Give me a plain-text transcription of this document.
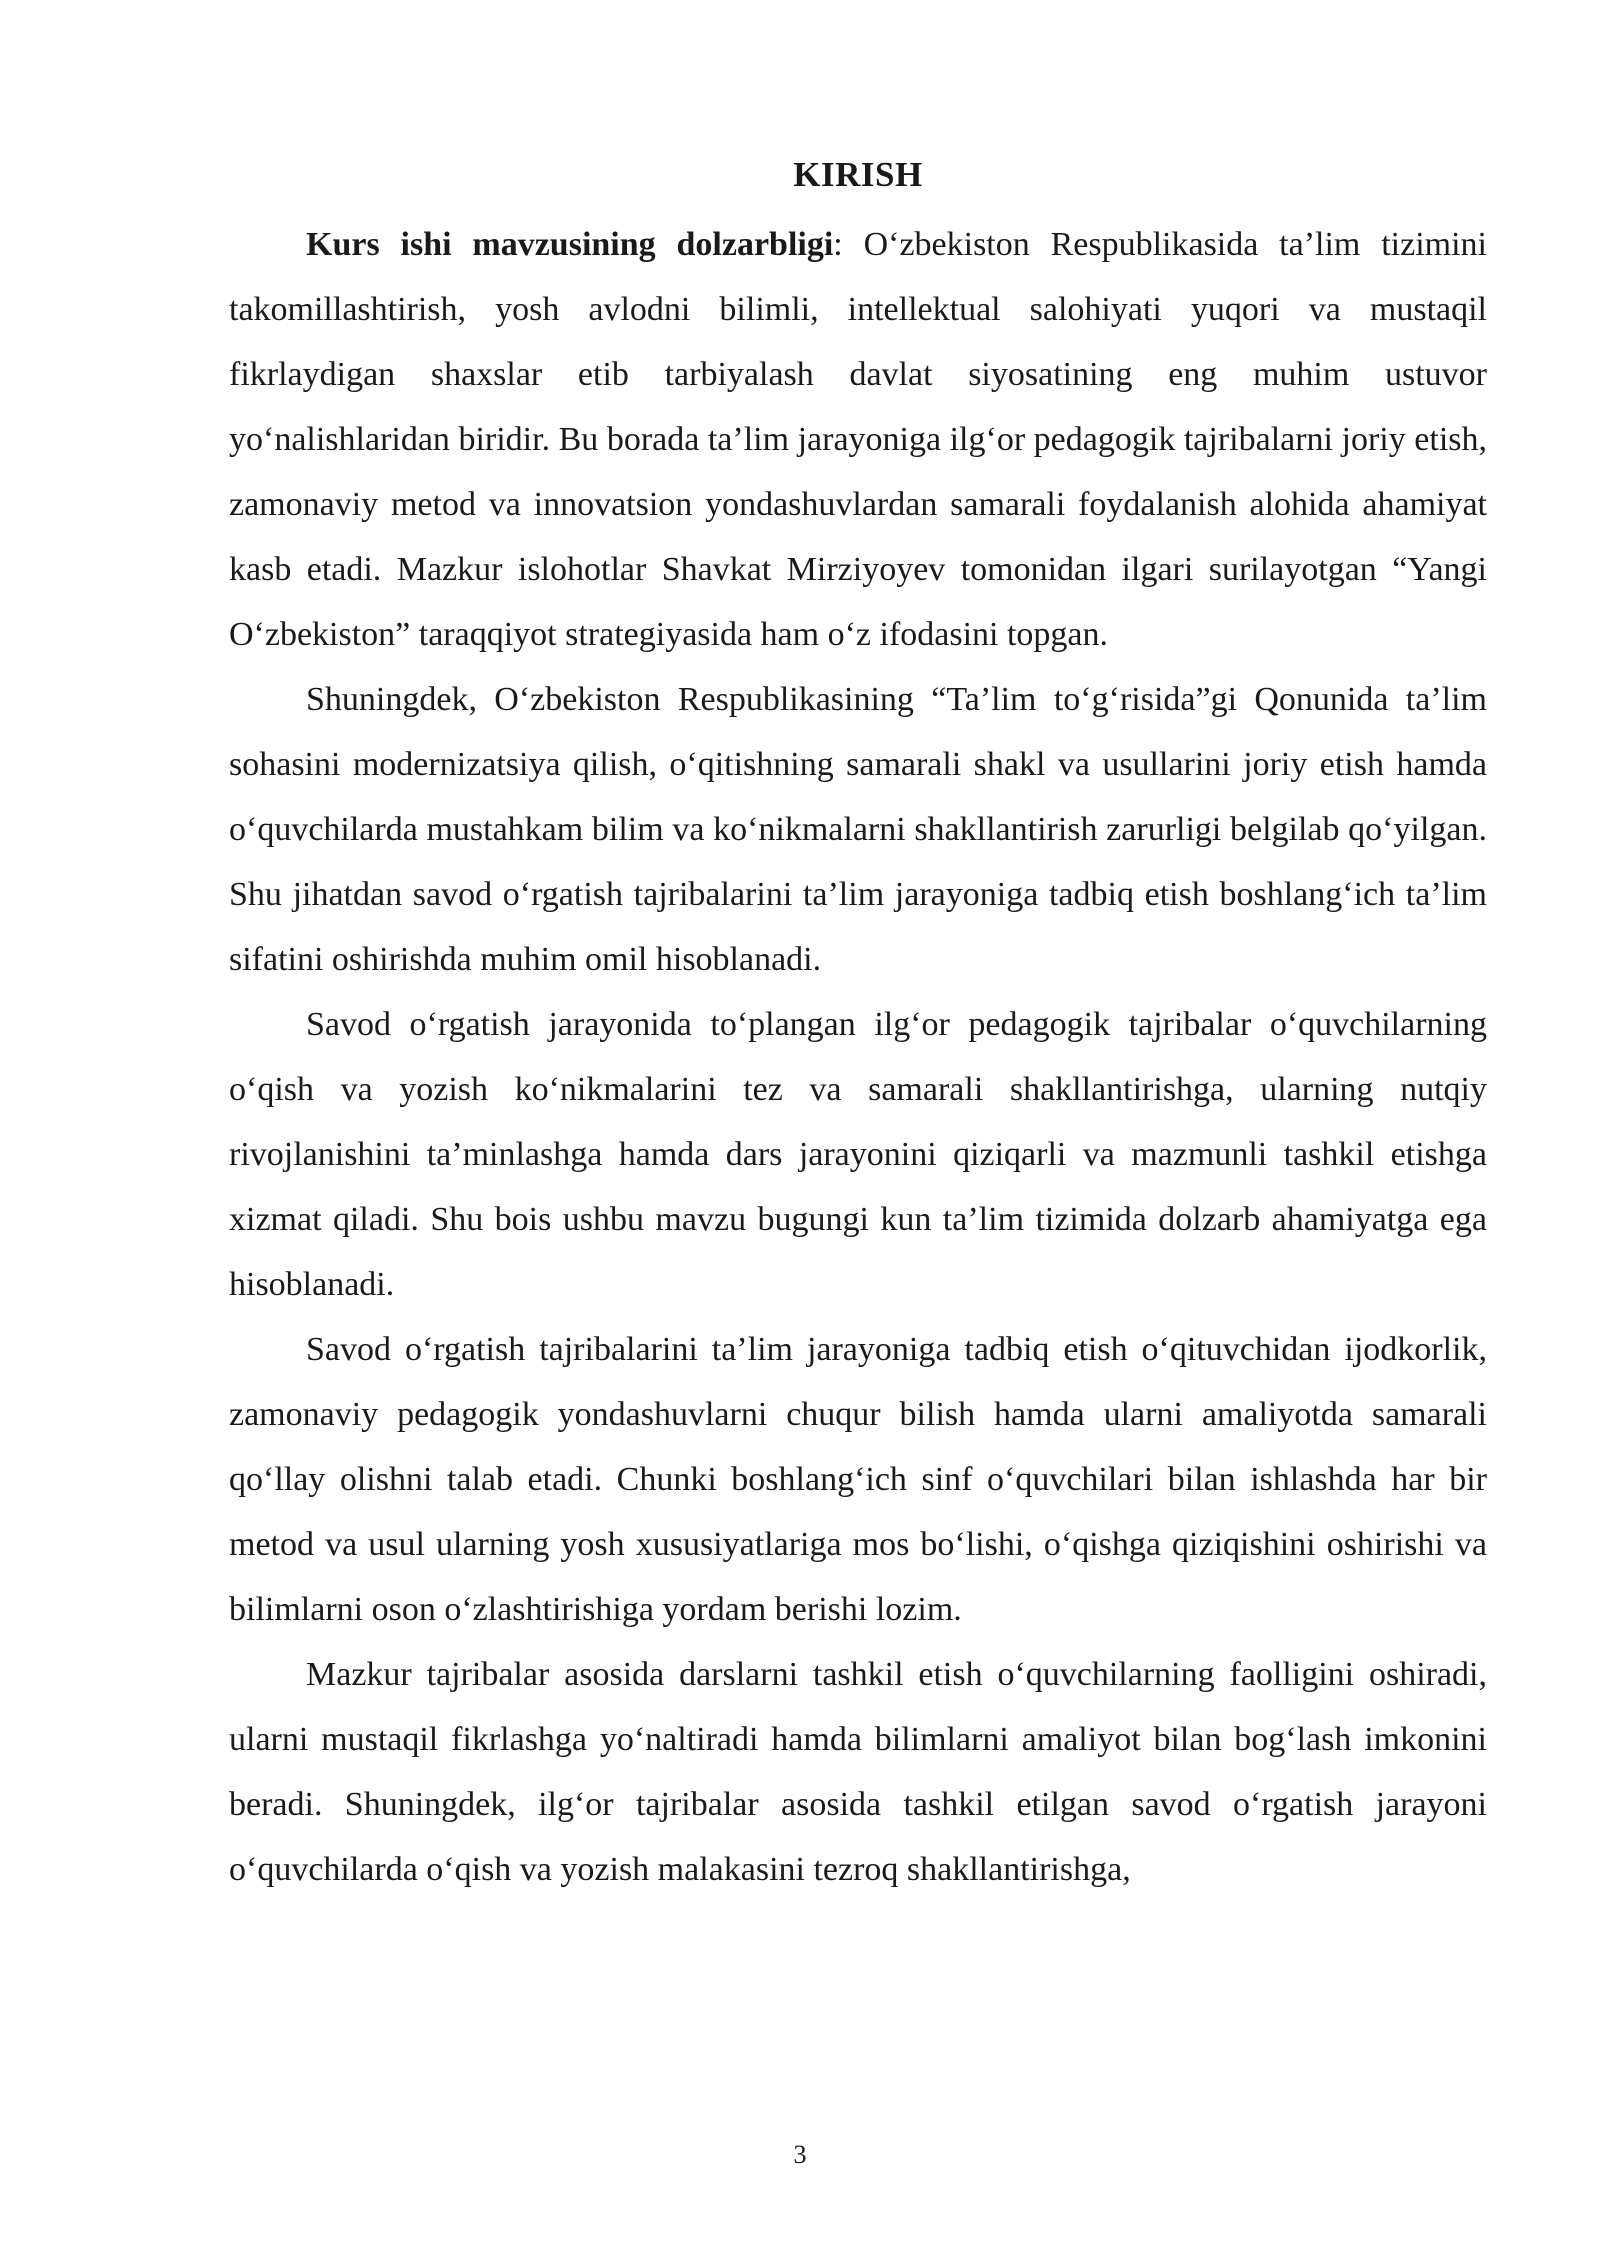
KIRISH

Kurs ishi mavzusining dolzarbligi: O‘zbekiston Respublikasida ta’lim tizimini takomillashtirish, yosh avlodni bilimli, intellektual salohiyati yuqori va mustaqil fikrlaydigan shaxslar etib tarbiyalash davlat siyosatining eng muhim ustuvor yo‘nalishlaridan biridir. Bu borada ta’lim jarayoniga ilg‘or pedagogik tajribalarni joriy etish, zamonaviy metod va innovatsion yondashuvlardan samarali foydalanish alohida ahamiyat kasb etadi. Mazkur islohotlar Shavkat Mirziyoyev tomonidan ilgari surilayotgan “Yangi O‘zbekiston” taraqqiyot strategiyasida ham o‘z ifodasini topgan.

Shuningdek, O‘zbekiston Respublikasining “Ta’lim to‘g‘risida”gi Qonunida ta’lim sohasini modernizatsiya qilish, o‘qitishning samarali shakl va usullarini joriy etish hamda o‘quvchilarda mustahkam bilim va ko‘nikmalarni shakllantirish zarurligi belgilab qo‘yilgan. Shu jihatdan savod o‘rgatish tajribalarini ta’lim jarayoniga tadbiq etish boshlang‘ich ta’lim sifatini oshirishda muhim omil hisoblanadi.

Savod o‘rgatish jarayonida to‘plangan ilg‘or pedagogik tajribalar o‘quvchilarning o‘qish va yozish ko‘nikmalarini tez va samarali shakllantirishga, ularning nutqiy rivojlanishini ta’minlashga hamda dars jarayonini qiziqarli va mazmunli tashkil etishga xizmat qiladi. Shu bois ushbu mavzu bugungi kun ta’lim tizimida dolzarb ahamiyatga ega hisoblanadi.

Savod o‘rgatish tajribalarini ta’lim jarayoniga tadbiq etish o‘qituvchidan ijodkorlik, zamonaviy pedagogik yondashuvlarni chuqur bilish hamda ularni amaliyotda samarali qo‘llay olishni talab etadi. Chunki boshlang‘ich sinf o‘quvchilari bilan ishlashda har bir metod va usul ularning yosh xususiyatlariga mos bo‘lishi, o‘qishga qiziqishini oshirishi va bilimlarni oson o‘zlashtirishiga yordam berishi lozim.

Mazkur tajribalar asosida darslarni tashkil etish o‘quvchilarning faolligini oshiradi, ularni mustaqil fikrlashga yo‘naltiradi hamda bilimlarni amaliyot bilan bog‘lash imkonini beradi. Shuningdek, ilg‘or tajribalar asosida tashkil etilgan savod o‘rgatish jarayoni o‘quvchilarda o‘qish va yozish malakasini tezroq shakllantirishga,

3
